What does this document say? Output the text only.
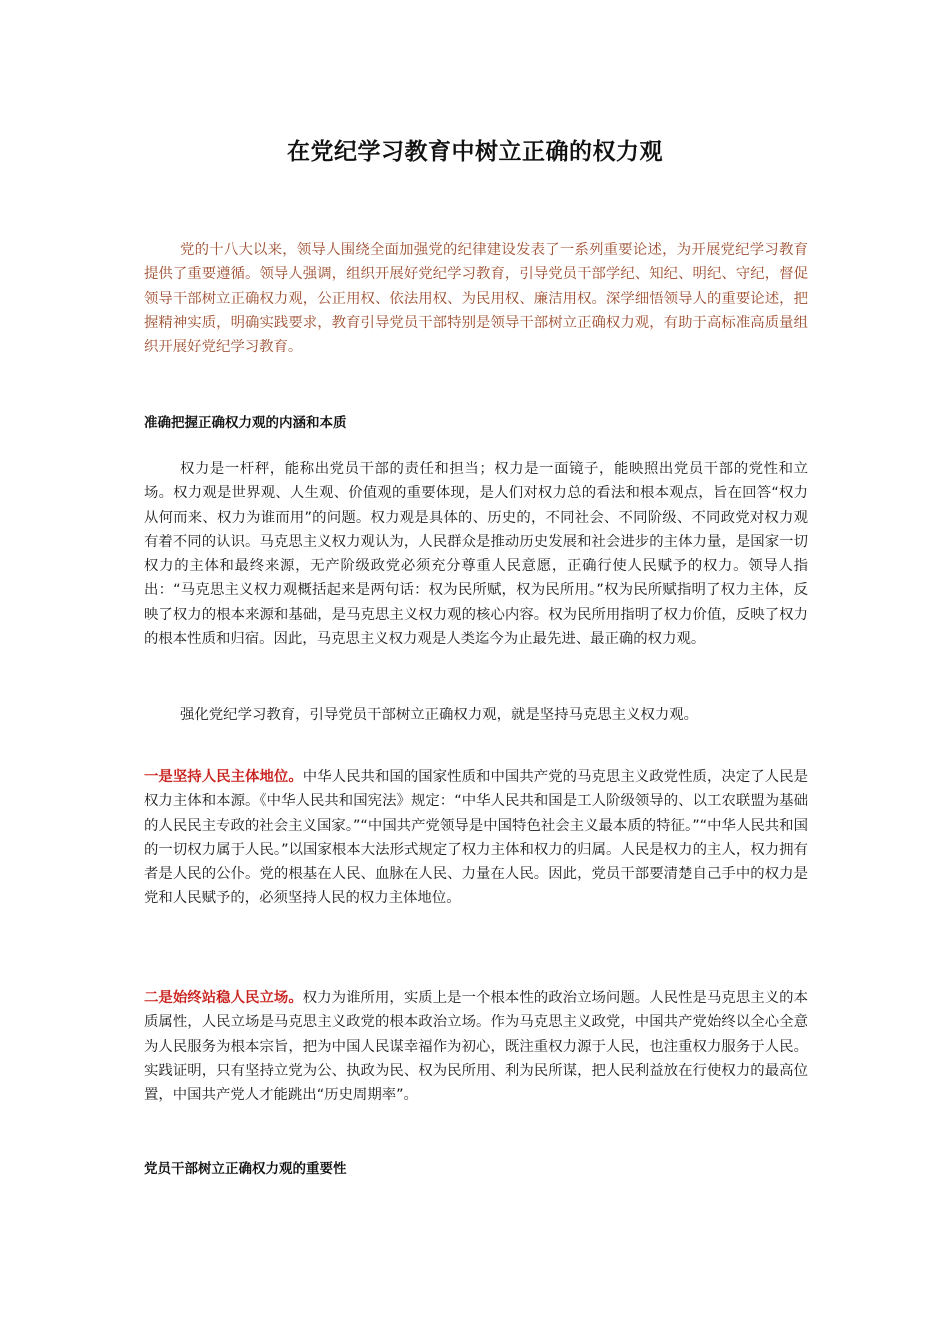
在党纪学习教育中树立正确的权力观

党的十八大以来，领导人围绕全面加强党的纪律建设发表了一系列重要论述，为开展党纪学习教育提供了重要遵循。领导人强调，组织开展好党纪学习教育，引导党员干部学纪、知纪、明纪、守纪，督促领导干部树立正确权力观，公正用权、依法用权、为民用权、廉洁用权。深学细悟领导人的重要论述，把握精神实质，明确实践要求，教育引导党员干部特别是领导干部树立正确权力观，有助于高标准高质量组织开展好党纪学习教育。

准确把握正确权力观的内涵和本质

权力是一杆秤，能称出党员干部的责任和担当；权力是一面镜子，能映照出党员干部的党性和立场。权力观是世界观、人生观、价值观的重要体现，是人们对权力总的看法和根本观点，旨在回答“权力从何而来、权力为谁而用”的问题。权力观是具体的、历史的，不同社会、不同阶级、不同政党对权力观有着不同的认识。马克思主义权力观认为，人民群众是推动历史发展和社会进步的主体力量，是国家一切权力的主体和最终来源，无产阶级政党必须充分尊重人民意愿，正确行使人民赋予的权力。领导人指出：“马克思主义权力观概括起来是两句话：权为民所赋，权为民所用。”权为民所赋指明了权力主体，反映了权力的根本来源和基础，是马克思主义权力观的核心内容。权为民所用指明了权力价值，反映了权力的根本性质和归宿。因此，马克思主义权力观是人类迄今为止最先进、最正确的权力观。

强化党纪学习教育，引导党员干部树立正确权力观，就是坚持马克思主义权力观。

一是坚持人民主体地位。中华人民共和国的国家性质和中国共产党的马克思主义政党性质，决定了人民是权力主体和本源。《中华人民共和国宪法》规定：“中华人民共和国是工人阶级领导的、以工农联盟为基础的人民民主专政的社会主义国家。”“中国共产党领导是中国特色社会主义最本质的特征。”“中华人民共和国的一切权力属于人民。”以国家根本大法形式规定了权力主体和权力的归属。人民是权力的主人，权力拥有者是人民的公仆。党的根基在人民、血脉在人民、力量在人民。因此，党员干部要清楚自己手中的权力是党和人民赋予的，必须坚持人民的权力主体地位。

二是始终站稳人民立场。权力为谁所用，实质上是一个根本性的政治立场问题。人民性是马克思主义的本质属性，人民立场是马克思主义政党的根本政治立场。作为马克思主义政党，中国共产党始终以全心全意为人民服务为根本宗旨，把为中国人民谋幸福作为初心，既注重权力源于人民，也注重权力服务于人民。实践证明，只有坚持立党为公、执政为民、权为民所用、利为民所谋，把人民利益放在行使权力的最高位置，中国共产党人才能跳出“历史周期率”。

党员干部树立正确权力观的重要性
